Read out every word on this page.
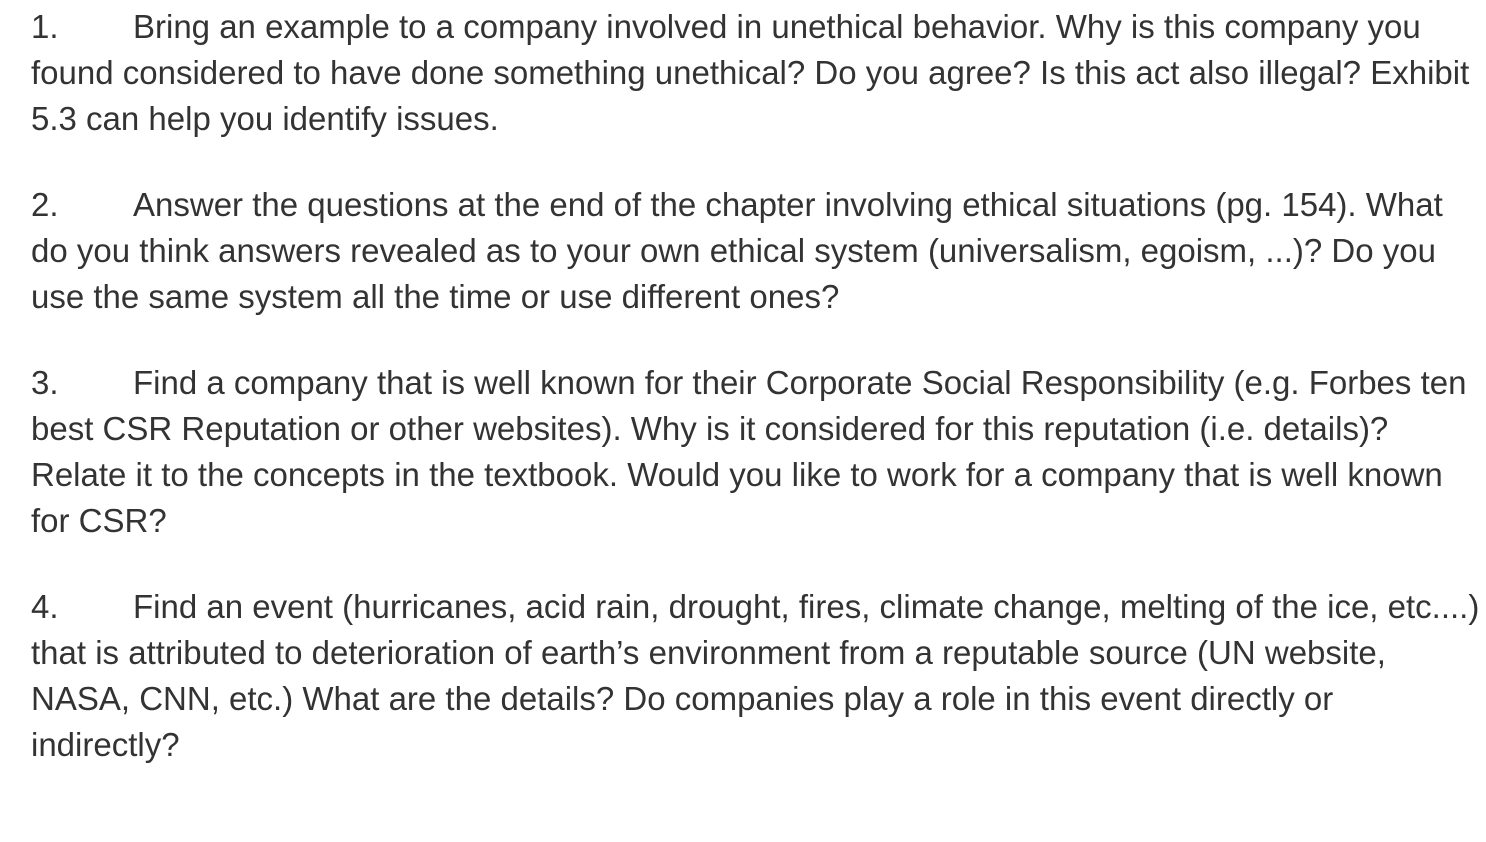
1. Bring an example to a company involved in unethical behavior. Why is this company you found considered to have done something unethical? Do you agree? Is this act also illegal? Exhibit 5.3 can help you identify issues.

2. Answer the questions at the end of the chapter involving ethical situations (pg. 154). What do you think answers revealed as to your own ethical system (universalism, egoism, ...)? Do you use the same system all the time or use different ones?

3. Find a company that is well known for their Corporate Social Responsibility (e.g. Forbes ten best CSR Reputation or other websites). Why is it considered for this reputation (i.e. details)? Relate it to the concepts in the textbook. Would you like to work for a company that is well known for CSR?

4. Find an event (hurricanes, acid rain, drought, fires, climate change, melting of the ice, etc....) that is attributed to deterioration of earth’s environment from a reputable source (UN website, NASA, CNN, etc.) What are the details? Do companies play a role in this event directly or indirectly?
